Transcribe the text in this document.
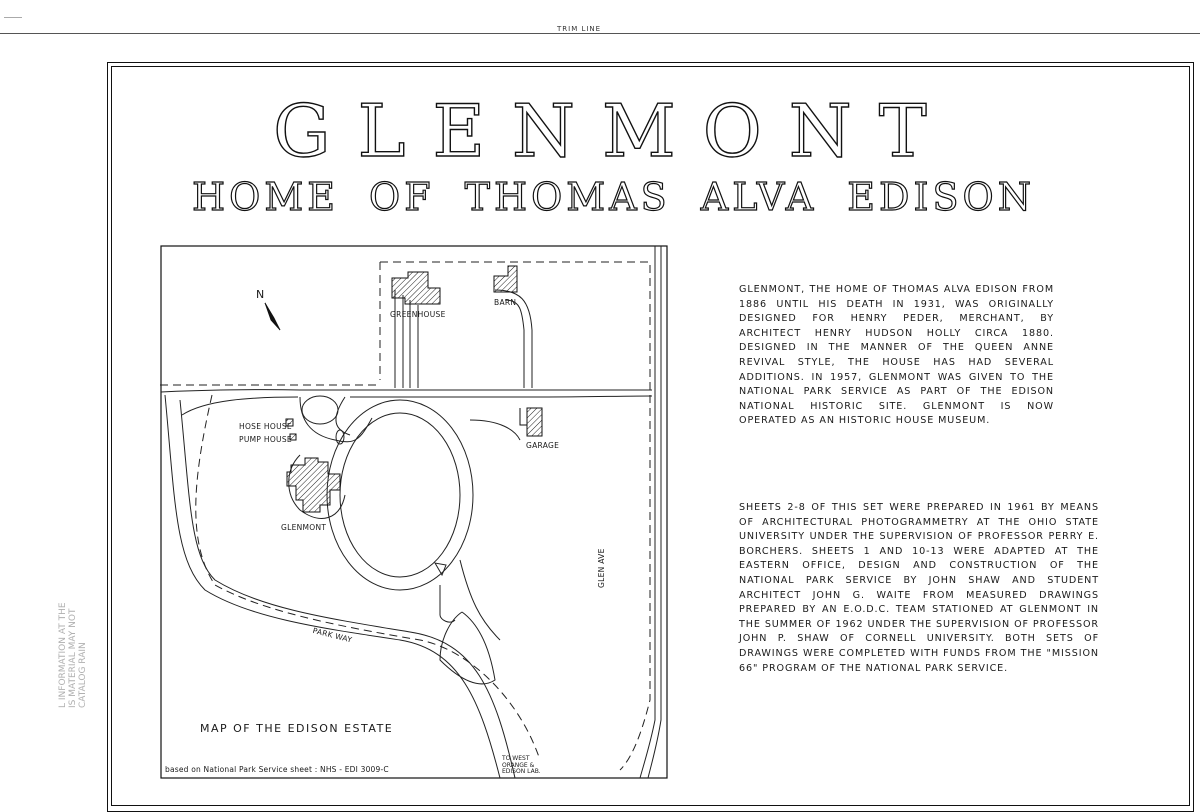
TRIM LINE
GLENMONT
HOME OF THOMAS ALVA EDISON
N
GREENHOUSE
BARN
HOSE HOUSE
PUMP HOUSE
GARAGE
GLENMONT
GLEN AVE
PARK WAY
TO WEST
ORANGE &
EDISON LAB.
MAP OF THE EDISON ESTATE
based on National Park Service sheet : NHS - EDI 3009-C

GLENMONT, THE HOME OF THOMAS ALVA EDISON FROM 1886 UNTIL HIS DEATH IN 1931, WAS ORIGINALLY DESIGNED FOR HENRY PEDER, MERCHANT, BY ARCHITECT HENRY HUDSON HOLLY CIRCA 1880. DESIGNED IN THE MANNER OF THE QUEEN ANNE REVIVAL STYLE, THE HOUSE HAS HAD SEVERAL ADDITIONS. IN 1957, GLENMONT WAS GIVEN TO THE NATIONAL PARK SERVICE AS PART OF THE EDISON NATIONAL HISTORIC SITE. GLENMONT IS NOW OPERATED AS AN HISTORIC HOUSE MUSEUM.

SHEETS 2-8 OF THIS SET WERE PREPARED IN 1961 BY MEANS OF ARCHITECTURAL PHOTOGRAMMETRY AT THE OHIO STATE UNIVERSITY UNDER THE SUPERVISION OF PROFESSOR PERRY E. BORCHERS. SHEETS 1 AND 10-13 WERE ADAPTED AT THE EASTERN OFFICE, DESIGN AND CONSTRUCTION OF THE NATIONAL PARK SERVICE BY JOHN SHAW AND STUDENT ARCHITECT JOHN G. WAITE FROM MEASURED DRAWINGS PREPARED BY AN E.O.D.C. TEAM STATIONED AT GLENMONT IN THE SUMMER OF 1962 UNDER THE SUPERVISION OF PROFESSOR JOHN P. SHAW OF CORNELL UNIVERSITY. BOTH SETS OF DRAWINGS WERE COMPLETED WITH FUNDS FROM THE "MISSION 66" PROGRAM OF THE NATIONAL PARK SERVICE.

L INFORMATION AT THE
IS MATERIAL MAY NOT
CATALOG RAIN
